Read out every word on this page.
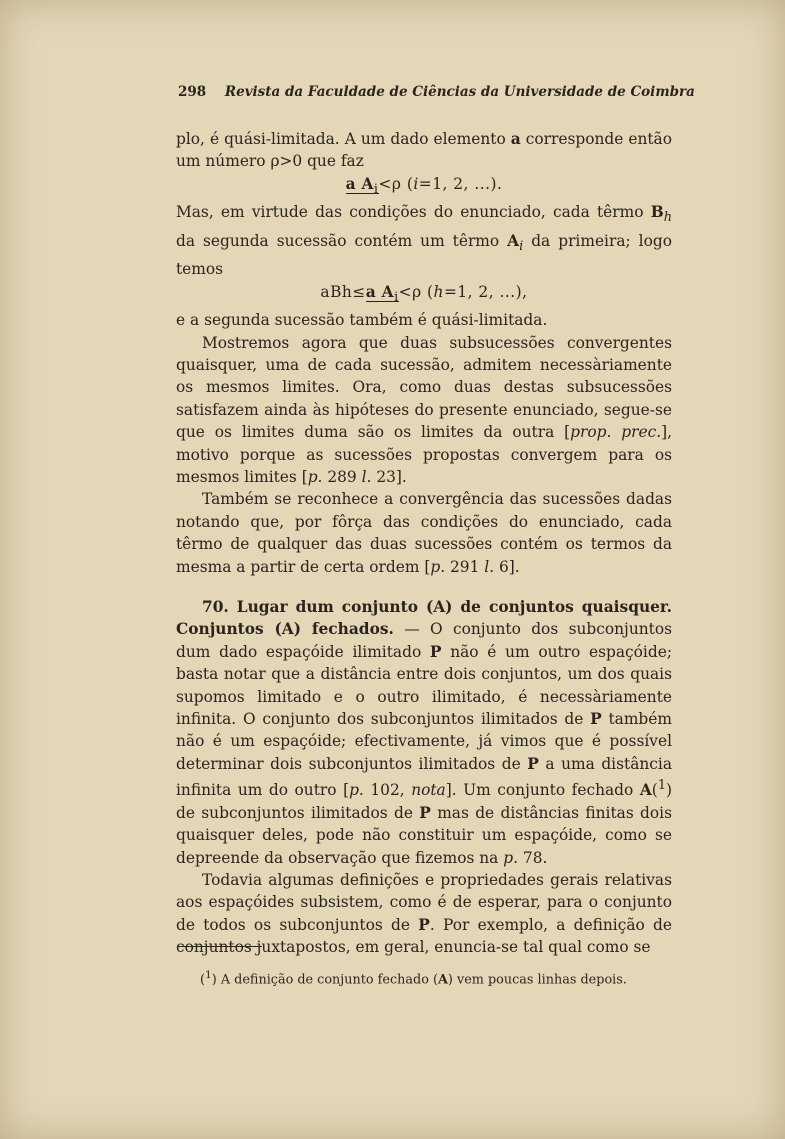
298 Revista da Faculdade de Ciências da Universidade de Coimbra

plo, é quási-limitada. A um dado elemento a corresponde então um número ρ>0 que faz

a $A_i<\rho$ (i=1, 2, ...).

Mas, em virtude das condições do enunciado, cada têrmo $B_h$ da segunda sucessão contém um têrmo $A_i$ da primeira; logo temos

aBh≤a $A_i<\rho$ (h=1, 2, ...),

e a segunda sucessão também é quási-limitada.

Mostremos agora que duas subsucessões convergentes quaisquer, uma de cada sucessão, admitem necessàriamente os mesmos limites. Ora, como duas destas subsucessões satisfazem ainda às hipóteses do presente enunciado, segue-se que os limites duma são os limites da outra [prop. prec.], motivo porque as sucessões propostas convergem para os mesmos limites [p. 289 l. 23].

Também se reconhece a convergência das sucessões dadas notando que, por fôrça das condições do enunciado, cada têrmo de qualquer das duas sucessões contém os termos da mesma a partir de certa ordem [p. 291 l. 6].

70. Lugar dum conjunto (A) de conjuntos quaisquer. Conjuntos (A) fechados. — O conjunto dos subconjuntos dum dado espaçóide ilimitado P não é um outro espaçóide; basta notar que a distância entre dois conjuntos, um dos quais supomos limitado e o outro ilimitado, é necessàriamente infinita. O conjunto dos subconjuntos ilimitados de P também não é um espaçóide; efectivamente, já vimos que é possível determinar dois subconjuntos ilimitados de P a uma distância infinita um do outro [p. 102, nota]. Um conjunto fechado A($^1$) de subconjuntos ilimitados de P mas de distâncias finitas dois quaisquer deles, pode não constituir um espaçóide, como se depreende da observação que fizemos na p. 78.

Todavia algumas definições e propriedades gerais relativas aos espaçóides subsistem, como é de esperar, para o conjunto de todos os subconjuntos de P. Por exemplo, a definição de conjuntos juxtapostos, em geral, enuncia-se tal qual como se

($^1$) A definição de conjunto fechado (A) vem poucas linhas depois.
